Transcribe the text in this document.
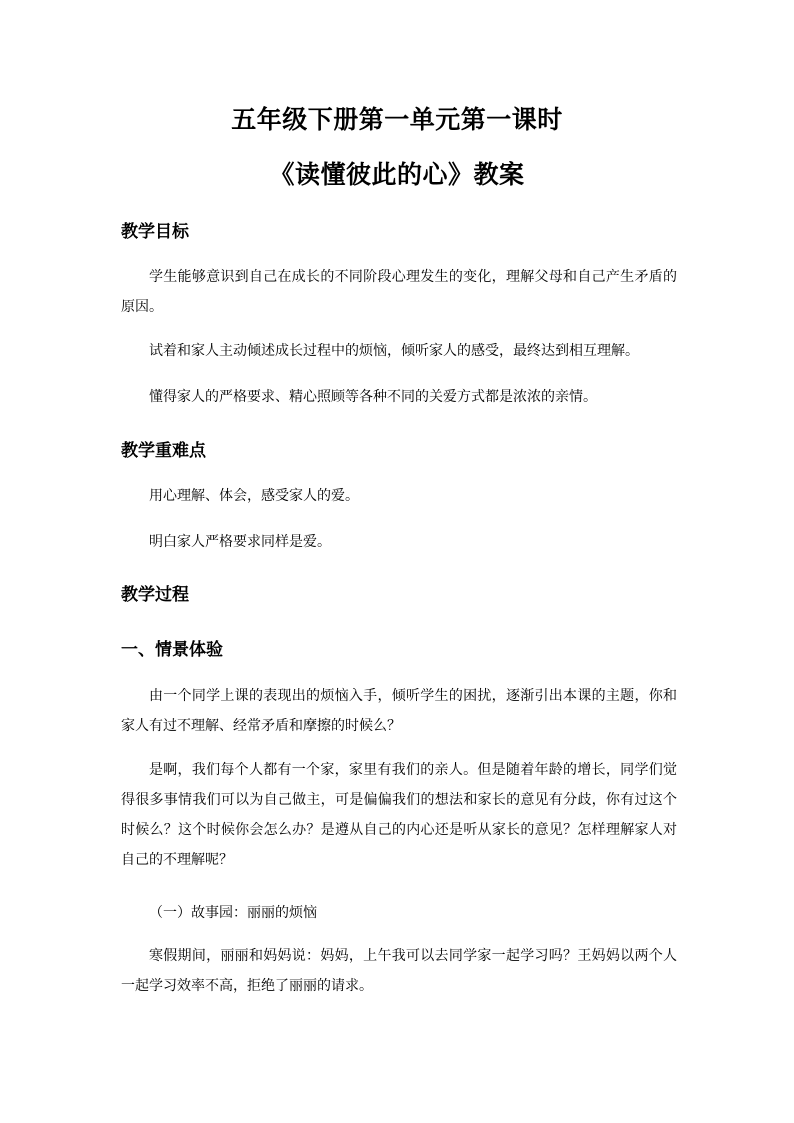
五年级下册第一单元第一课时
《读懂彼此的心》教案
教学目标
学生能够意识到自己在成长的不同阶段心理发生的变化，理解父母和自己产生矛盾的原因。
试着和家人主动倾述成长过程中的烦恼，倾听家人的感受，最终达到相互理解。
懂得家人的严格要求、精心照顾等各种不同的关爱方式都是浓浓的亲情。
教学重难点
用心理解、体会，感受家人的爱。
明白家人严格要求同样是爱。
教学过程
一、情景体验
由一个同学上课的表现出的烦恼入手，倾听学生的困扰，逐渐引出本课的主题，你和家人有过不理解、经常矛盾和摩擦的时候么？
是啊，我们每个人都有一个家，家里有我们的亲人。但是随着年龄的增长，同学们觉得很多事情我们可以为自己做主，可是偏偏我们的想法和家长的意见有分歧，你有过这个时候么？这个时候你会怎么办？是遵从自己的内心还是听从家长的意见？怎样理解家人对自己的不理解呢？
（一）故事园：丽丽的烦恼
寒假期间，丽丽和妈妈说：妈妈，上午我可以去同学家一起学习吗？王妈妈以两个人一起学习效率不高，拒绝了丽丽的请求。
